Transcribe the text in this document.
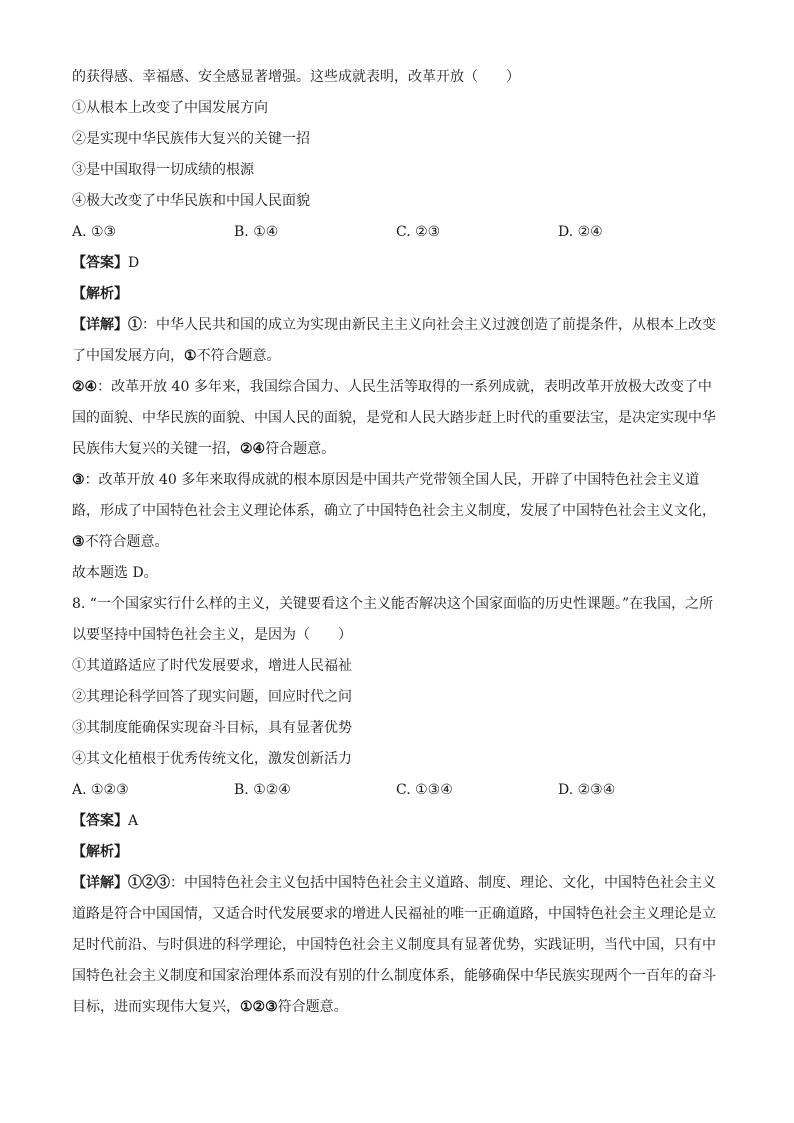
的获得感、幸福感、安全感显著增强。这些成就表明，改革开放（　　）
①从根本上改变了中国发展方向
②是实现中华民族伟大复兴的关键一招
③是中国取得一切成绩的根源
④极大改变了中华民族和中国人民面貌
A. ①③	B. ①④	C. ②③	D. ②④
【答案】D
【解析】
【详解】①：中华人民共和国的成立为实现由新民主主义向社会主义过渡创造了前提条件，从根本上改变了中国发展方向，①不符合题意。
②④：改革开放 40 多年来，我国综合国力、人民生活等取得的一系列成就，表明改革开放极大改变了中国的面貌、中华民族的面貌、中国人民的面貌，是党和人民大踏步赶上时代的重要法宝，是决定实现中华民族伟大复兴的关键一招，②④符合题意。
③：改革开放 40 多年来取得成就的根本原因是中国共产党带领全国人民，开辟了中国特色社会主义道路，形成了中国特色社会主义理论体系，确立了中国特色社会主义制度，发展了中国特色社会主义文化，③不符合题意。
故本题选 D。
8. “一个国家实行什么样的主义，关键要看这个主义能否解决这个国家面临的历史性课题。”在我国，之所以要坚持中国特色社会主义，是因为（　　）
①其道路适应了时代发展要求，增进人民福祉
②其理论科学回答了现实问题，回应时代之问
③其制度能确保实现奋斗目标，具有显著优势
④其文化植根于优秀传统文化，激发创新活力
A. ①②③	B. ①②④	C. ①③④	D. ②③④
【答案】A
【解析】
【详解】①②③：中国特色社会主义包括中国特色社会主义道路、制度、理论、文化，中国特色社会主义道路是符合中国国情，又适合时代发展要求的增进人民福祉的唯一正确道路，中国特色社会主义理论是立足时代前沿、与时俱进的科学理论，中国特色社会主义制度具有显著优势，实践证明，当代中国，只有中国特色社会主义制度和国家治理体系而没有别的什么制度体系，能够确保中华民族实现两个一百年的奋斗目标，进而实现伟大复兴，①②③符合题意。
